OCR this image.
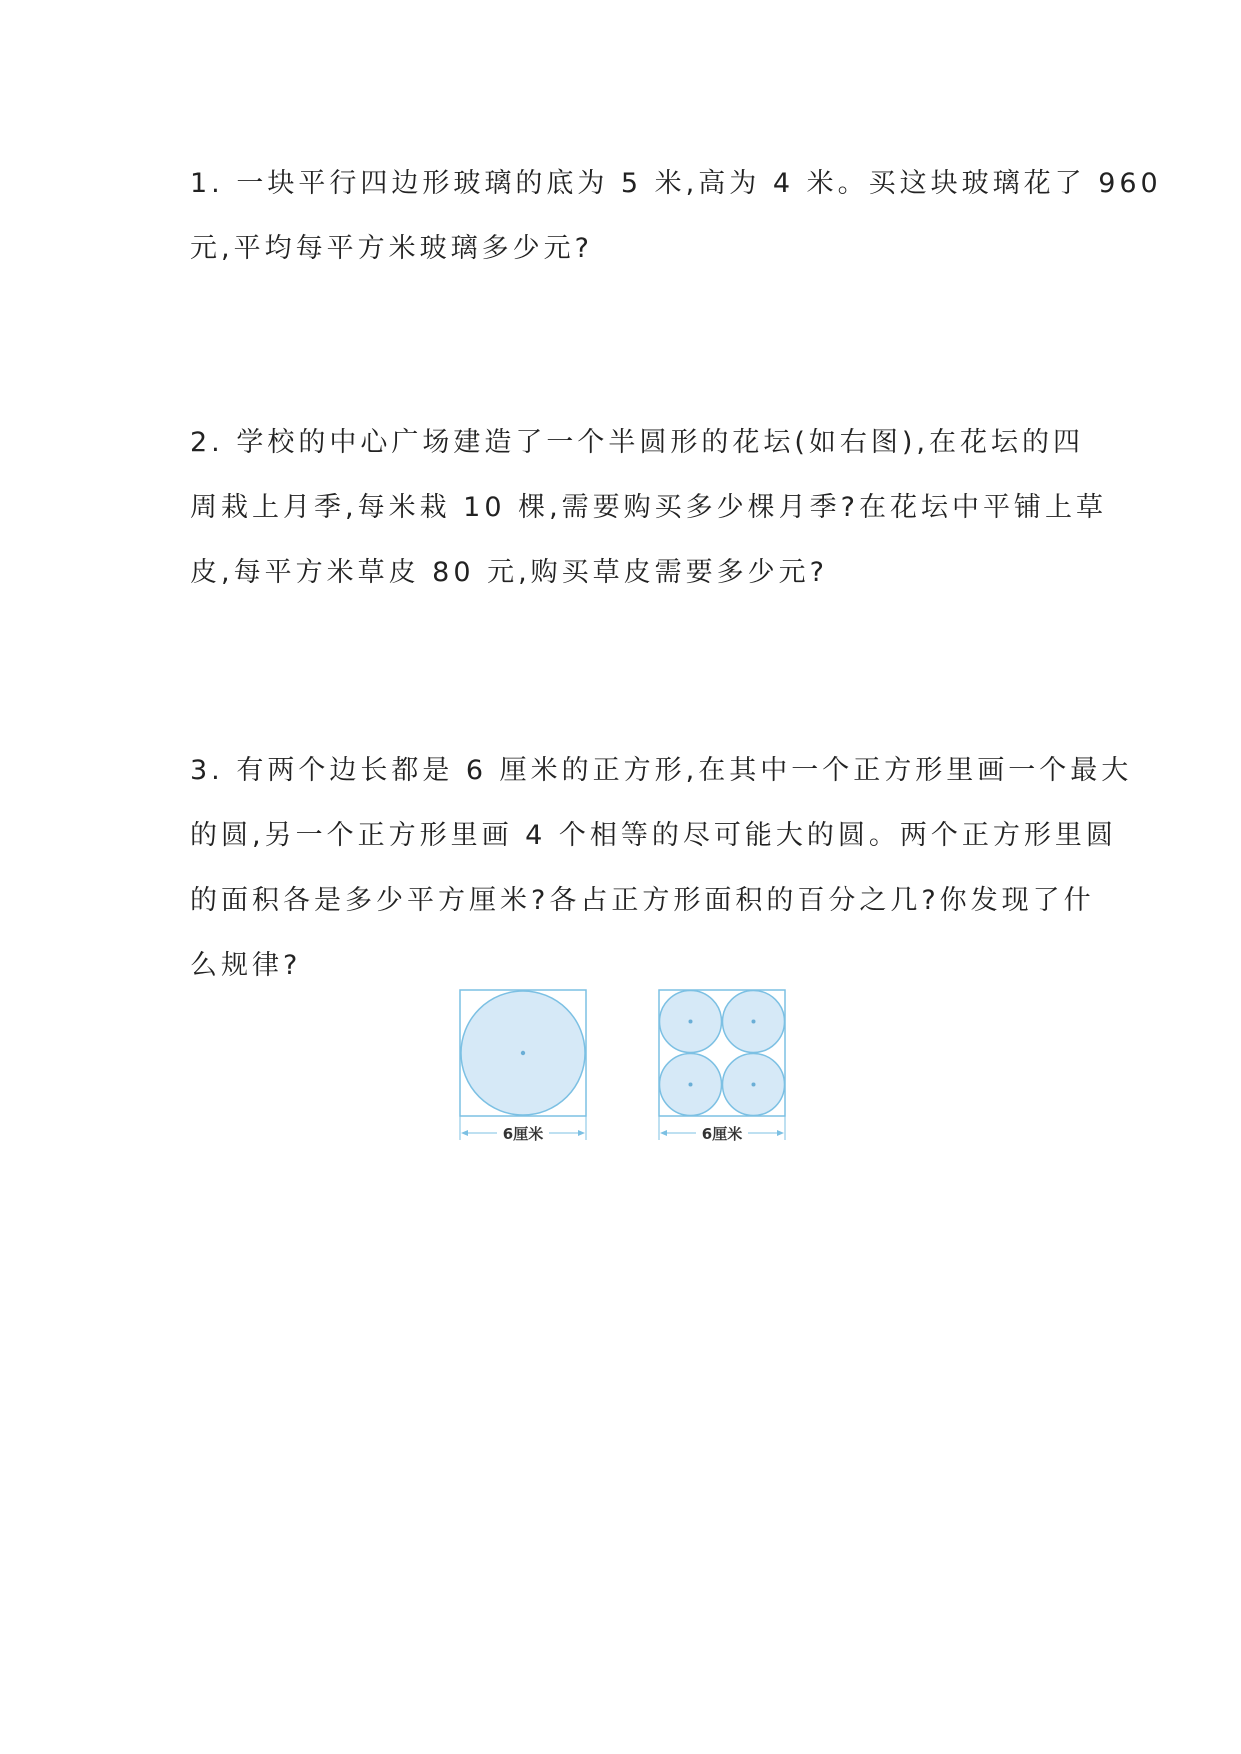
1. 一块平行四边形玻璃的底为 5 米,高为 4 米。买这块玻璃花了 960
元,平均每平方米玻璃多少元?
2. 学校的中心广场建造了一个半圆形的花坛(如右图),在花坛的四
周栽上月季,每米栽 10 棵,需要购买多少棵月季?在花坛中平铺上草
皮,每平方米草皮 80 元,购买草皮需要多少元?
3. 有两个边长都是 6 厘米的正方形,在其中一个正方形里画一个最大
的圆,另一个正方形里画 4 个相等的尽可能大的圆。两个正方形里圆
的面积各是多少平方厘米?各占正方形面积的百分之几?你发现了什
么规律?
6厘米	6厘米
